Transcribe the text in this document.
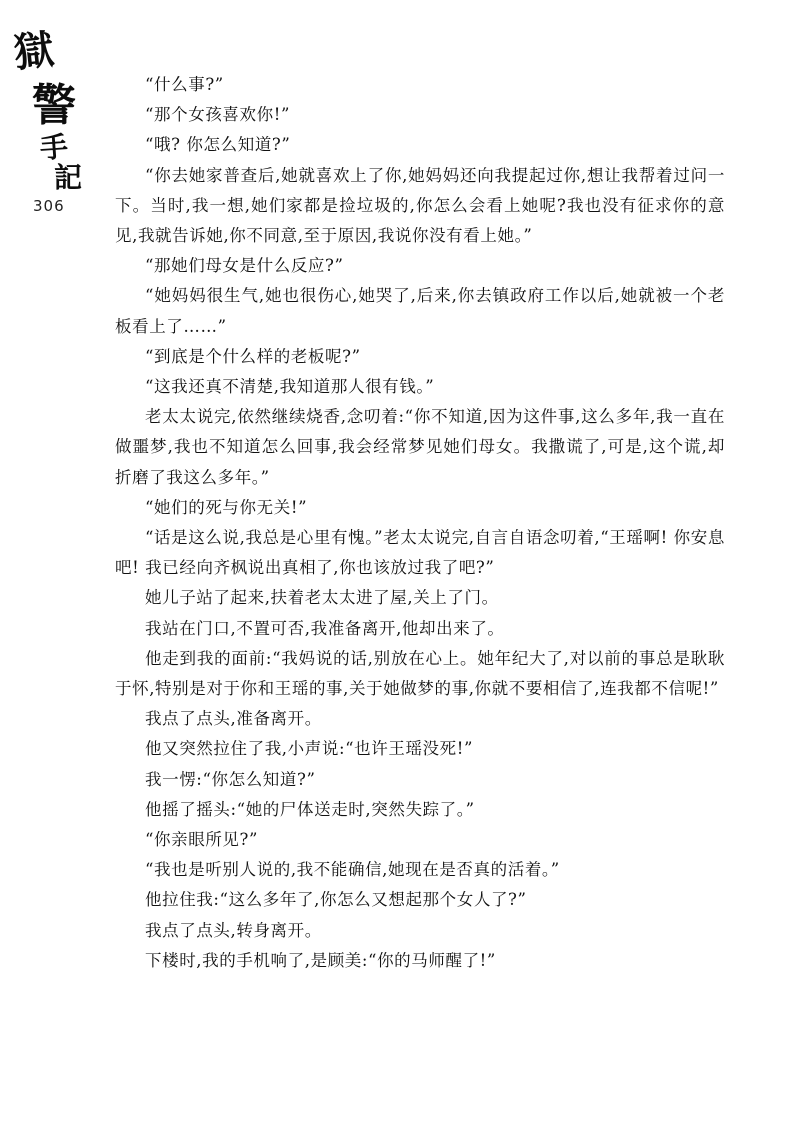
獄
警
手
記
306

“什么事?”

“那个女孩喜欢你!”

“哦? 你怎么知道?”

“你去她家普查后,她就喜欢上了你,她妈妈还向我提起过你,想让我帮着过问一下。当时,我一想,她们家都是捡垃圾的,你怎么会看上她呢?我也没有征求你的意见,我就告诉她,你不同意,至于原因,我说你没有看上她。”

“那她们母女是什么反应?”

“她妈妈很生气,她也很伤心,她哭了,后来,你去镇政府工作以后,她就被一个老板看上了……”

“到底是个什么样的老板呢?”

“这我还真不清楚,我知道那人很有钱。”

老太太说完,依然继续烧香,念叨着:“你不知道,因为这件事,这么多年,我一直在做噩梦,我也不知道怎么回事,我会经常梦见她们母女。我撒谎了,可是,这个谎,却折磨了我这么多年。”

“她们的死与你无关!”

“话是这么说,我总是心里有愧。”老太太说完,自言自语念叨着,“王瑶啊! 你安息吧! 我已经向齐枫说出真相了,你也该放过我了吧?”

她儿子站了起来,扶着老太太进了屋,关上了门。

我站在门口,不置可否,我准备离开,他却出来了。

他走到我的面前:“我妈说的话,别放在心上。她年纪大了,对以前的事总是耿耿于怀,特别是对于你和王瑶的事,关于她做梦的事,你就不要相信了,连我都不信呢!”

我点了点头,准备离开。

他又突然拉住了我,小声说:“也许王瑶没死!”

我一愣:“你怎么知道?”

他摇了摇头:“她的尸体送走时,突然失踪了。”

“你亲眼所见?”

“我也是听别人说的,我不能确信,她现在是否真的活着。”

他拉住我:“这么多年了,你怎么又想起那个女人了?”

我点了点头,转身离开。

下楼时,我的手机响了,是顾美:“你的马师醒了!”
